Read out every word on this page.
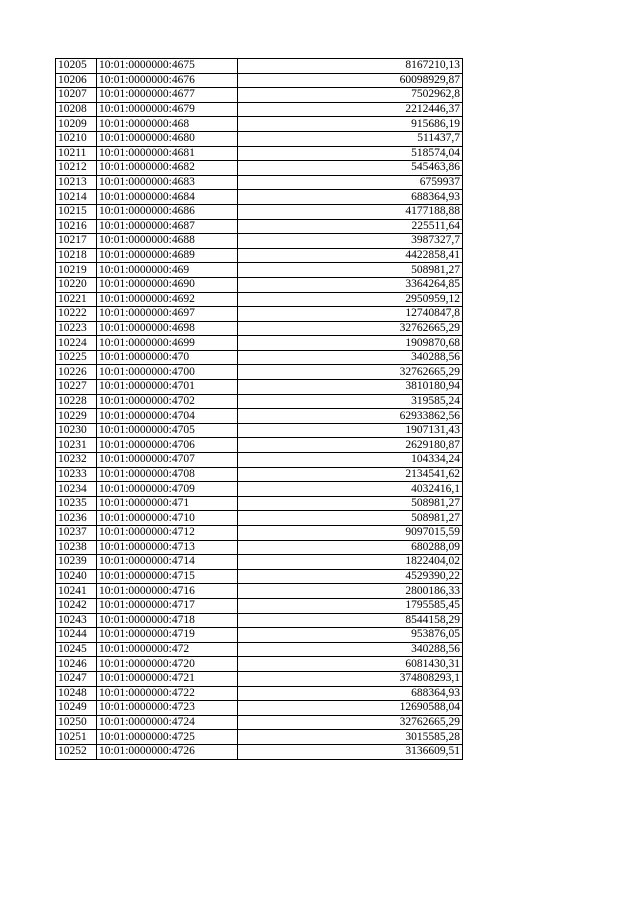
10205	10:01:0000000:4675	8167210,13
10206	10:01:0000000:4676	60098929,87
10207	10:01:0000000:4677	7502962,8
10208	10:01:0000000:4679	2212446,37
10209	10:01:0000000:468	915686,19
10210	10:01:0000000:4680	511437,7
10211	10:01:0000000:4681	518574,04
10212	10:01:0000000:4682	545463,86
10213	10:01:0000000:4683	6759937
10214	10:01:0000000:4684	688364,93
10215	10:01:0000000:4686	4177188,88
10216	10:01:0000000:4687	225511,64
10217	10:01:0000000:4688	3987327,7
10218	10:01:0000000:4689	4422858,41
10219	10:01:0000000:469	508981,27
10220	10:01:0000000:4690	3364264,85
10221	10:01:0000000:4692	2950959,12
10222	10:01:0000000:4697	12740847,8
10223	10:01:0000000:4698	32762665,29
10224	10:01:0000000:4699	1909870,68
10225	10:01:0000000:470	340288,56
10226	10:01:0000000:4700	32762665,29
10227	10:01:0000000:4701	3810180,94
10228	10:01:0000000:4702	319585,24
10229	10:01:0000000:4704	62933862,56
10230	10:01:0000000:4705	1907131,43
10231	10:01:0000000:4706	2629180,87
10232	10:01:0000000:4707	104334,24
10233	10:01:0000000:4708	2134541,62
10234	10:01:0000000:4709	4032416,1
10235	10:01:0000000:471	508981,27
10236	10:01:0000000:4710	508981,27
10237	10:01:0000000:4712	9097015,59
10238	10:01:0000000:4713	680288,09
10239	10:01:0000000:4714	1822404,02
10240	10:01:0000000:4715	4529390,22
10241	10:01:0000000:4716	2800186,33
10242	10:01:0000000:4717	1795585,45
10243	10:01:0000000:4718	8544158,29
10244	10:01:0000000:4719	953876,05
10245	10:01:0000000:472	340288,56
10246	10:01:0000000:4720	6081430,31
10247	10:01:0000000:4721	374808293,1
10248	10:01:0000000:4722	688364,93
10249	10:01:0000000:4723	12690588,04
10250	10:01:0000000:4724	32762665,29
10251	10:01:0000000:4725	3015585,28
10252	10:01:0000000:4726	3136609,51
